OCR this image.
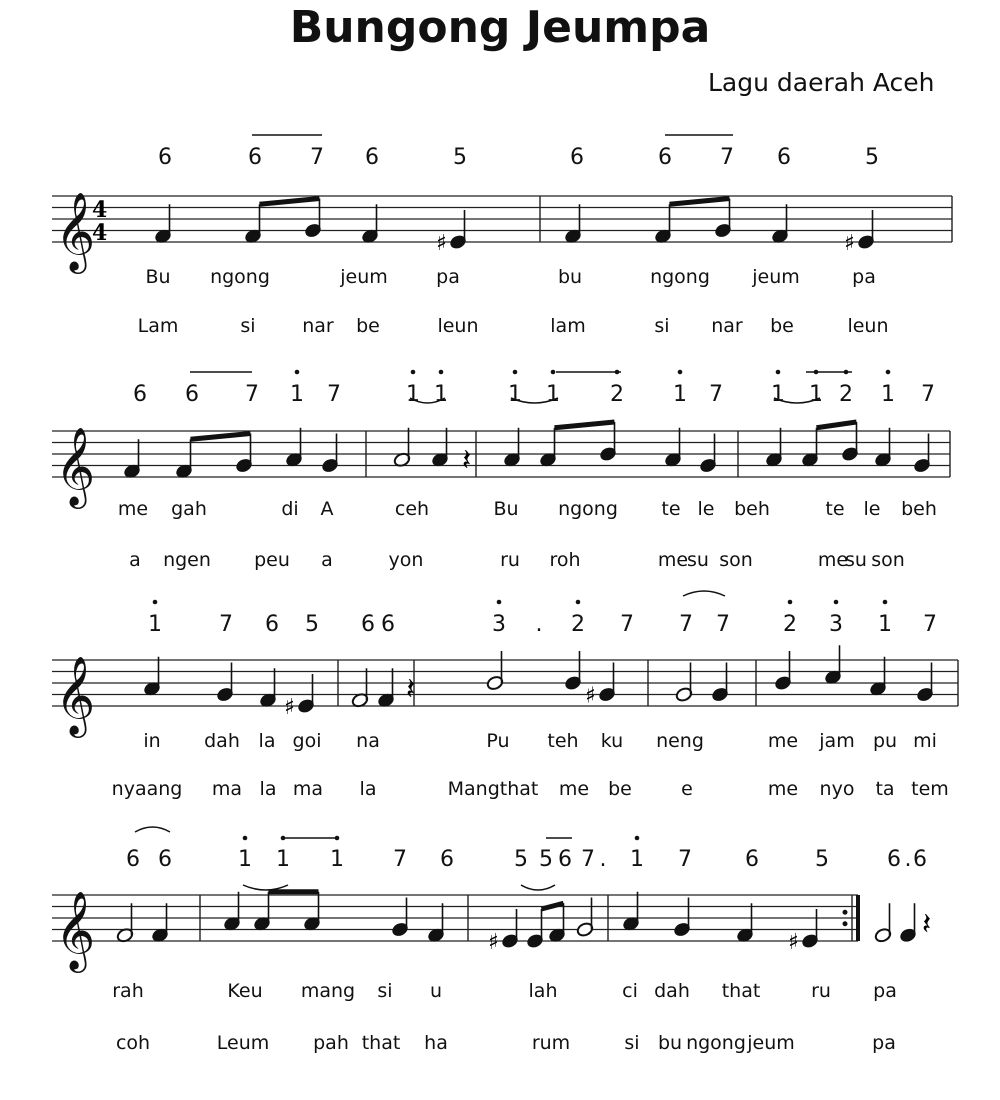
Bungong Jeumpa
Lagu daerah Aceh
6	6 7 6	5	6	6 7 6	5
Bu ngong	jeum	pa	bu	ngong jeum	pa
Lam	si nar be	leun	lam	si nar be	leun
6 6 7 1 7	1 1	1 1 2 1 7 1 1 2 1 7
me gah	di A	ceh	Bu ngong te le beh	te le beh
a ngen peu a	yon	ru roh	me
su son	me
su son
1	7 6 5 6 6	3 . 2 7 7 7 2 3 1 7
in dah la goi na	Pu teh ku neng	me jam pu mi
nyaang ma la ma la	Mangthat me be	e	me nyo ta tem
6 6	1 1 1 7 6	5 5 6 7 . 1 7 6	5	6 . 6
rah	Keu mang si u	lah	ci dah that	ru pa
coh	Leum pah that ha	rum	si bu ngong jeum	pa
𝄞
4
4	♯	♯
𝄞	𝄽
𝄞	♯	♯
𝄽
𝄞	♯	♯
𝄽
